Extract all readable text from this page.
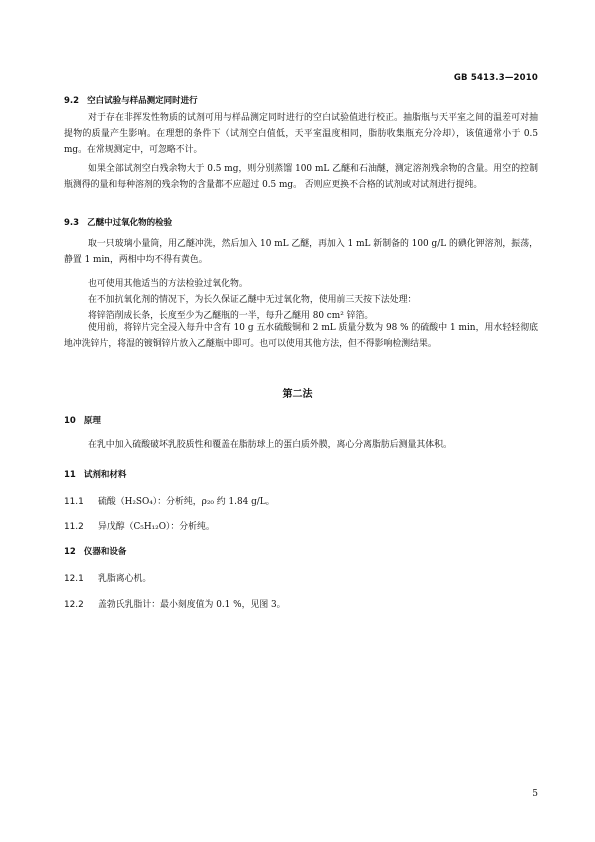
GB 5413.3—2010
9.2 空白试验与样品测定同时进行

对于存在非挥发性物质的试剂可用与样品测定同时进行的空白试验值进行校正。抽脂瓶与天平室之间的温差可对抽提物的质量产生影响。在理想的条件下（试剂空白值低，天平室温度相同，脂肪收集瓶充分冷却），该值通常小于 0.5 mg。在常规测定中，可忽略不计。

如果全部试剂空白残余物大于 0.5 mg，则分别蒸馏 100 mL 乙醚和石油醚，测定溶剂残余物的含量。用空的控制瓶测得的量和每种溶剂的残余物的含量都不应超过 0.5 mg。 否则应更换不合格的试剂或对试剂进行提纯。

9.3 乙醚中过氧化物的检验

取一只玻璃小量筒，用乙醚冲洗，然后加入 10 mL 乙醚，再加入 1 mL 新制备的 100 g/L 的碘化钾溶剂，振荡，静置 1 min，两相中均不得有黄色。

也可使用其他适当的方法检验过氧化物。
在不加抗氧化剂的情况下，为长久保证乙醚中无过氧化物，使用前三天按下法处理：
将锌箔削成长条，长度至少为乙醚瓶的一半，每升乙醚用 80 cm² 锌箔。

使用前，将锌片完全浸入每升中含有 10 g 五水硫酸铜和 2 mL 质量分数为 98 % 的硫酸中 1 min，用水轻轻彻底地冲洗锌片，将湿的镀铜锌片放入乙醚瓶中即可。也可以使用其他方法，但不得影响检测结果。

第二法
10 原理

在乳中加入硫酸破坏乳胶质性和覆盖在脂肪球上的蛋白质外膜，离心分离脂肪后测量其体积。

11 试剂和材料
11.1 硫酸（H₂SO₄）：分析纯，ρ₂₀ 约 1.84 g/L。
11.2 异戊醇（C₅H₁₂O）：分析纯。
12 仪器和设备
12.1 乳脂离心机。
12.2 盖勃氏乳脂计：最小刻度值为 0.1 %，见图 3。
5
